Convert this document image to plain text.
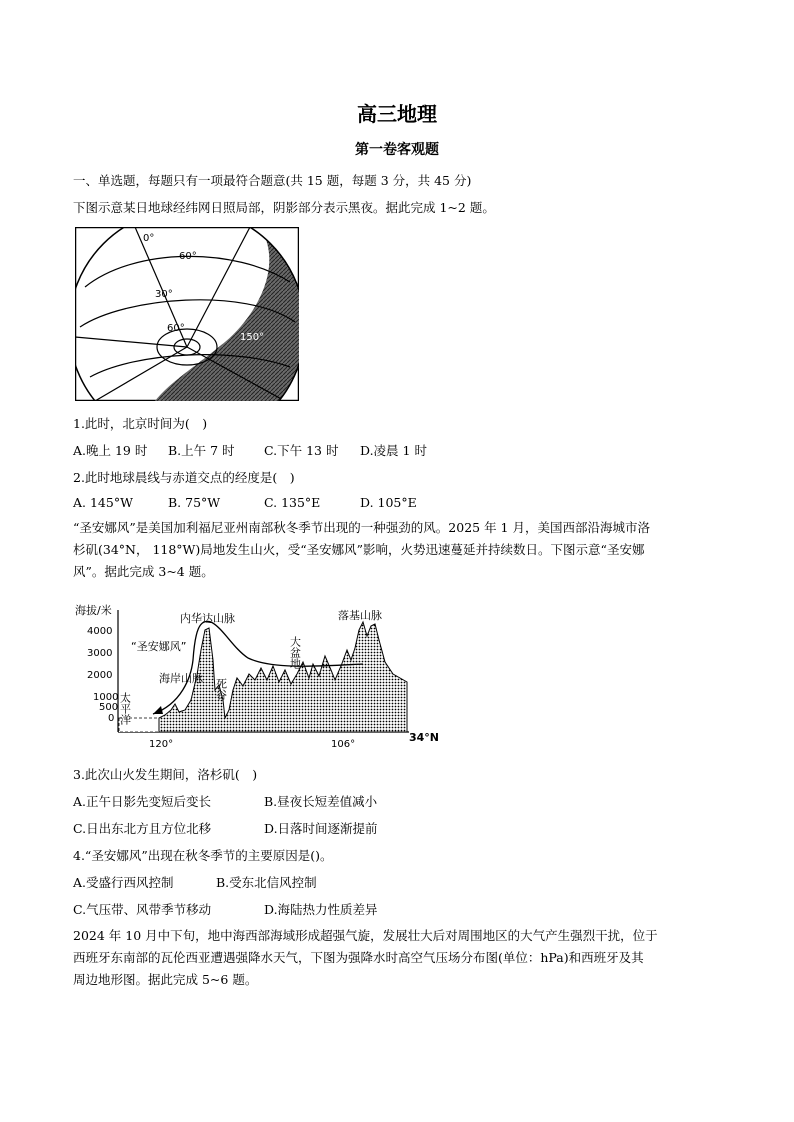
高三地理
第一卷客观题
一、单选题，每题只有一项最符合题意(共 15 题，每题 3 分，共 45 分)
下图示意某日地球经纬网日照局部，阴影部分表示黑夜。据此完成 1~2 题。
0°
60°
30°
60°
150°
1.此时，北京时间为(　)
A.晚上 19 时 B.上午 7 时 C.下午 13 时 D.凌晨 1 时
2.此时地球晨线与赤道交点的经度是(　)
A. 145°W	B. 75°W	C. 135°E	D. 105°E
“圣安娜风”是美国加利福尼亚州南部秋冬季节出现的一种强劲的风。2025 年 1 月，美国西部沿海城市洛
杉矶(34°N， 118°W)局地发生山火，受“圣安娜风”影响，火势迅速蔓延并持续数日。下图示意“圣安娜
风”。据此完成 3~4 题。
海拔/米
4000
3000
2000
1000
500
0
“圣安娜风”
内华达山脉	落基山脉
太平洋
海岸山脉 死谷
大盆地
120°	106°
34°N
3.此次山火发生期间，洛杉矶(　)
A.正午日影先变短后变长	B.昼夜长短差值减小
C.日出东北方且方位北移	D.日落时间逐渐提前
4.“圣安娜风”出现在秋冬季节的主要原因是()。
A.受盛行西风控制	B.受东北信风控制
C.气压带、风带季节移动	D.海陆热力性质差异
2024 年 10 月中下旬，地中海西部海域形成超强气旋，发展壮大后对周围地区的大气产生强烈干扰，位于
西班牙东南部的瓦伦西亚遭遇强降水天气，下图为强降水时高空气压场分布图(单位：hPa)和西班牙及其
周边地形图。据此完成 5~6 题。
